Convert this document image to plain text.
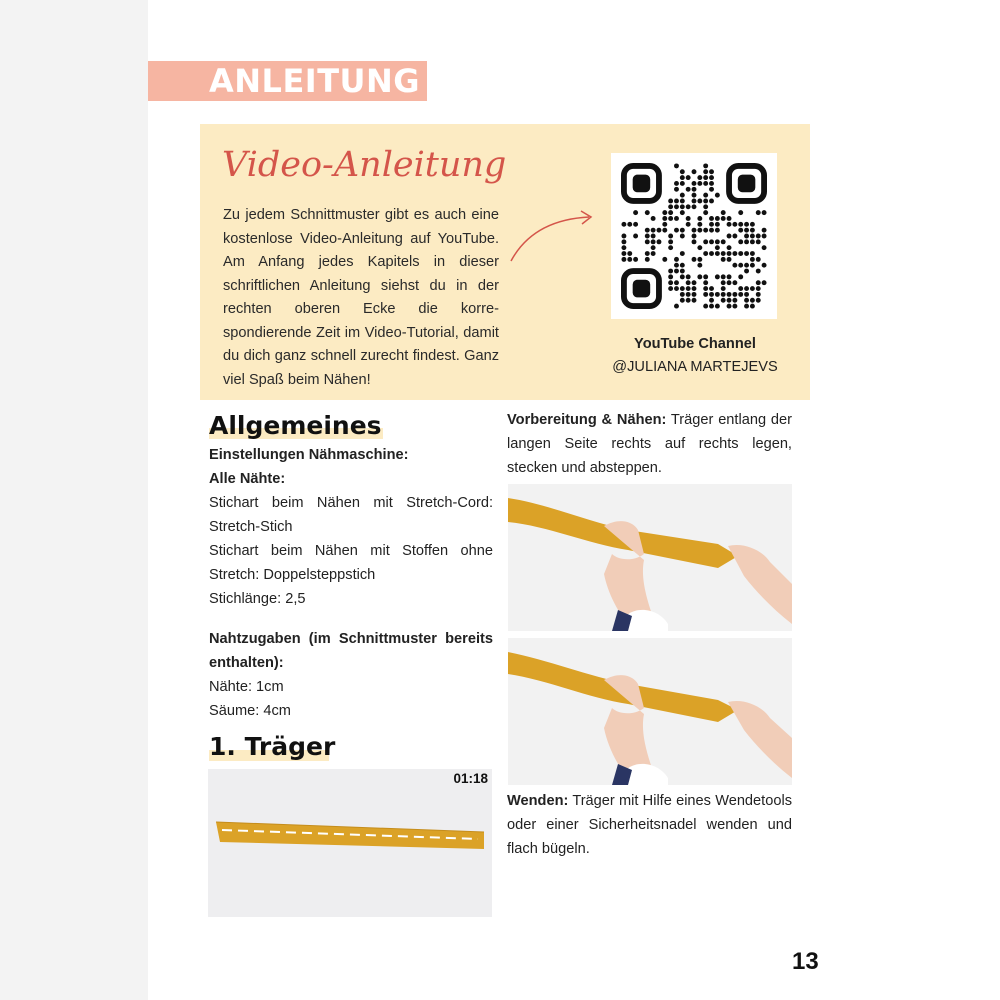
ANLEITUNG
Video-Anleitung
Zu jedem Schnittmuster gibt es auch eine kostenlose Video-Anleitung auf YouTube. Am Anfang jedes Kapitels in dieser schriftlichen Anleitung siehst du in der rechten oberen Ecke die korrespondierende Zeit im Video-Tutorial, damit du dich ganz schnell zurecht findest. Ganz viel Spaß beim Nähen!
YouTube Channel
@JULIANA MARTEJEVS
Allgemeines
Einstellungen Nähmaschine:
Alle Nähte:
Stichart beim Nähen mit Stretch-Cord: Stretch-Stich
Stichart beim Nähen mit Stoffen ohne Stretch: Doppelsteppstich
Stichlänge: 2,5
Nahtzugaben (im Schnittmuster bereits enthalten):
Nähte: 1cm
Säume: 4cm
1. Träger
01:18
Vorbereitung & Nähen: Träger entlang der langen Seite rechts auf rechts legen, stecken und absteppen.
Wenden: Träger mit Hilfe eines Wendetools oder einer Sicherheitsnadel wenden und flach bügeln.
13
